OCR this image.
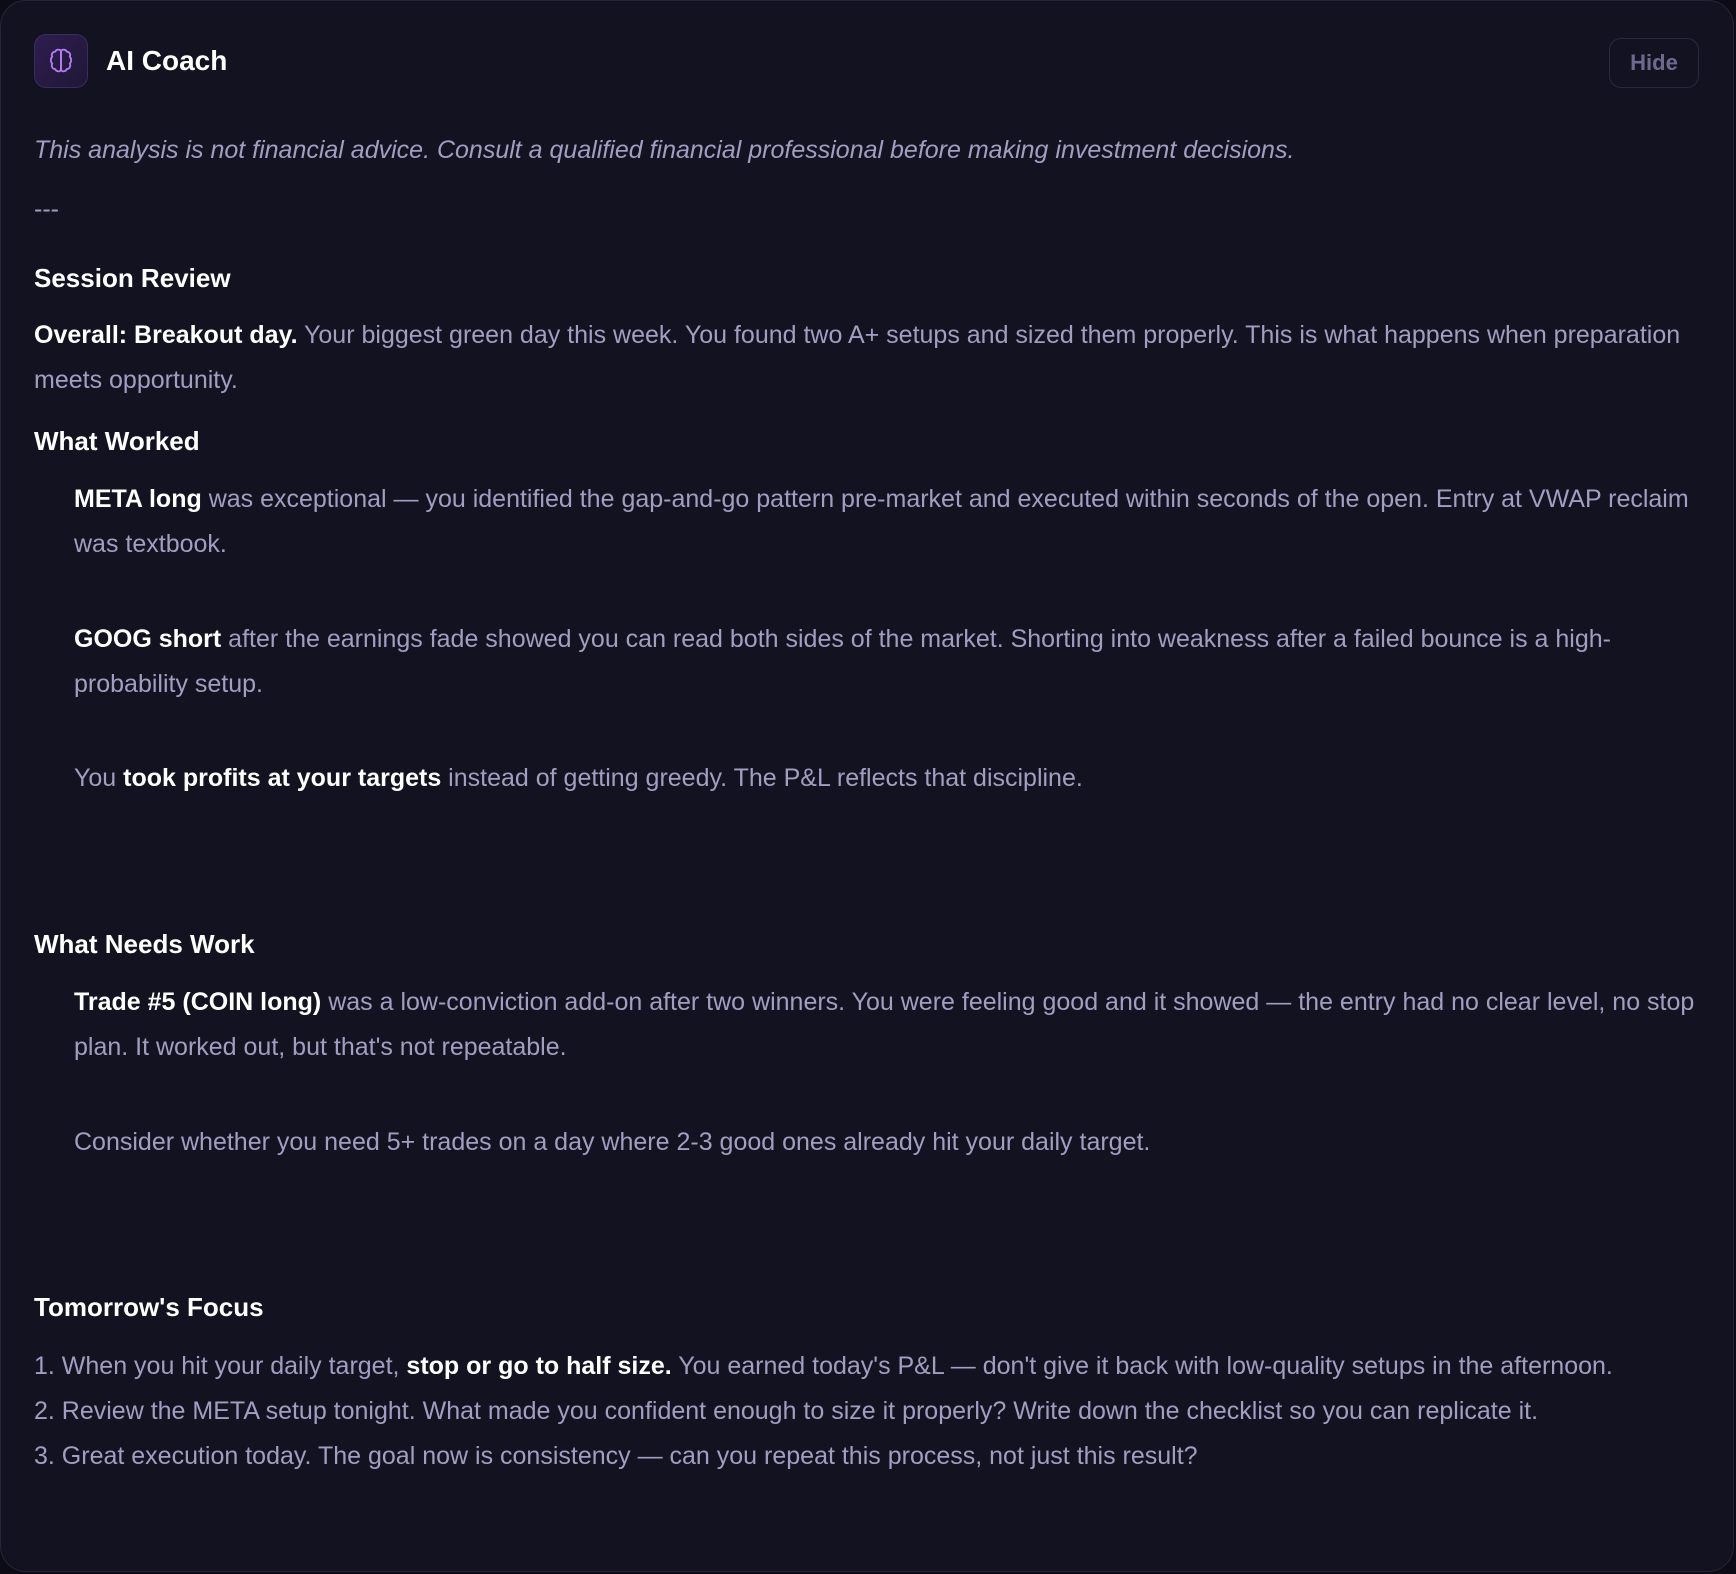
AI Coach	Hide

This analysis is not financial advice. Consult a qualified financial professional before making investment decisions.

---

Session Review

Overall: Breakout day. Your biggest green day this week. You found two A+ setups and sized them properly. This is what happens when preparation meets opportunity.

What Worked

META long was exceptional — you identified the gap-and-go pattern pre-market and executed within seconds of the open. Entry at VWAP reclaim was textbook.

GOOG short after the earnings fade showed you can read both sides of the market. Shorting into weakness after a failed bounce is a high-probability setup.

You took profits at your targets instead of getting greedy. The P&L reflects that discipline.

What Needs Work

Trade #5 (COIN long) was a low-conviction add-on after two winners. You were feeling good and it showed — the entry had no clear level, no stop plan. It worked out, but that's not repeatable.

Consider whether you need 5+ trades on a day where 2-3 good ones already hit your daily target.

Tomorrow's Focus

1. When you hit your daily target, stop or go to half size. You earned today's P&L — don't give it back with low-quality setups in the afternoon.

2. Review the META setup tonight. What made you confident enough to size it properly? Write down the checklist so you can replicate it.

3. Great execution today. The goal now is consistency — can you repeat this process, not just this result?
